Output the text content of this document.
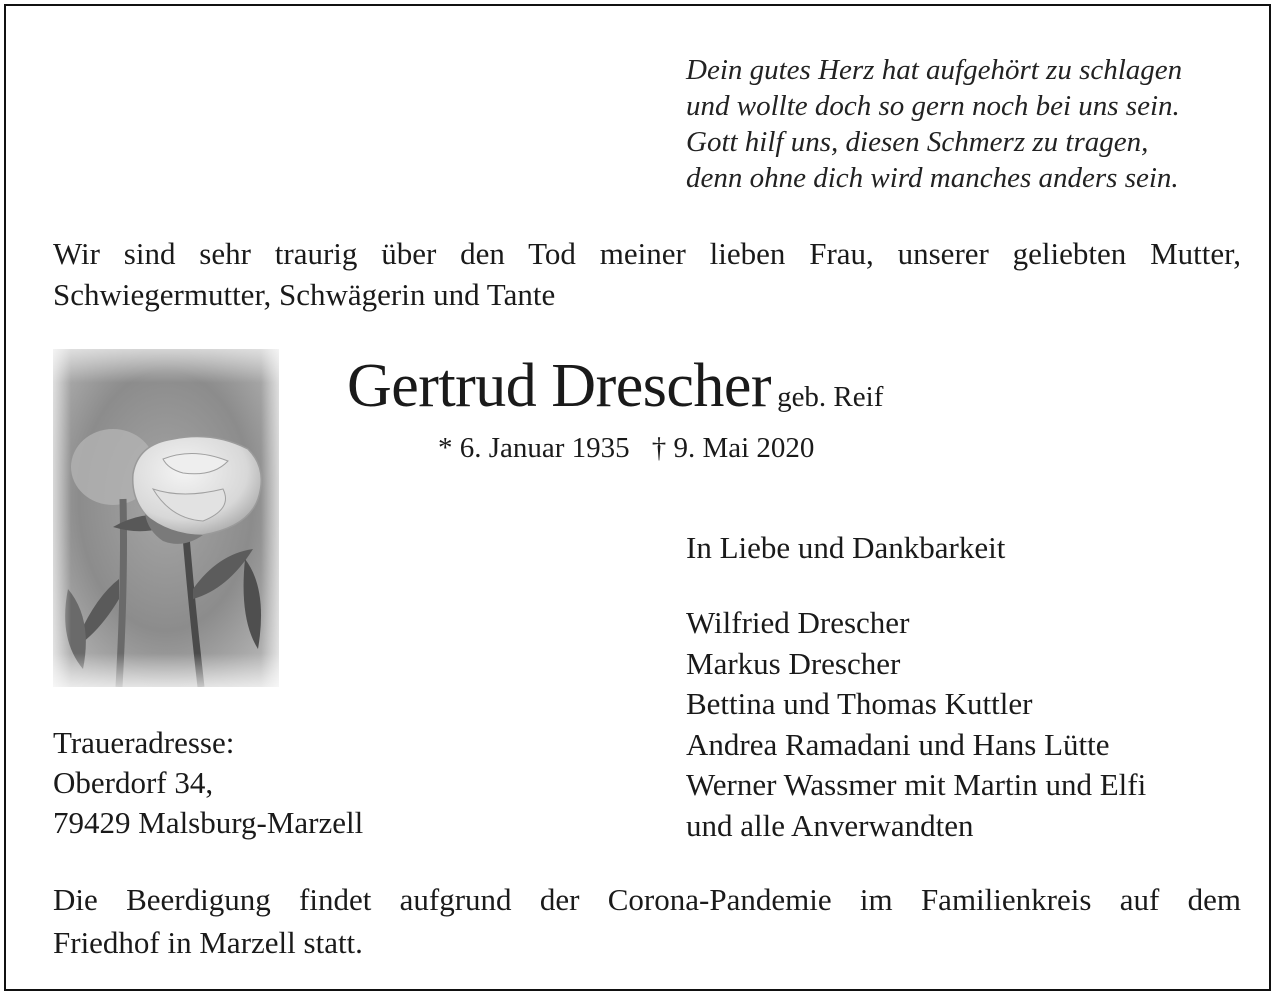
Dein gutes Herz hat aufgehört zu schlagen
und wollte doch so gern noch bei uns sein.
Gott hilf uns, diesen Schmerz zu tragen,
denn ohne dich wird manches anders sein.
Wir sind sehr traurig über den Tod meiner lieben Frau, unserer geliebten Mutter,
Schwiegermutter, Schwägerin und Tante
Gertrud Drescher geb. Reif
* 6. Januar 1935 † 9. Mai 2020
In Liebe und Dankbarkeit
Wilfried Drescher
Markus Drescher
Bettina und Thomas Kuttler
Andrea Ramadani und Hans Lütte
Werner Wassmer mit Martin und Elfi
und alle Anverwandten
Traueradresse:
Oberdorf 34,
79429 Malsburg-Marzell
Die Beerdigung findet aufgrund der Corona-Pandemie im Familienkreis auf dem
Friedhof in Marzell statt.
